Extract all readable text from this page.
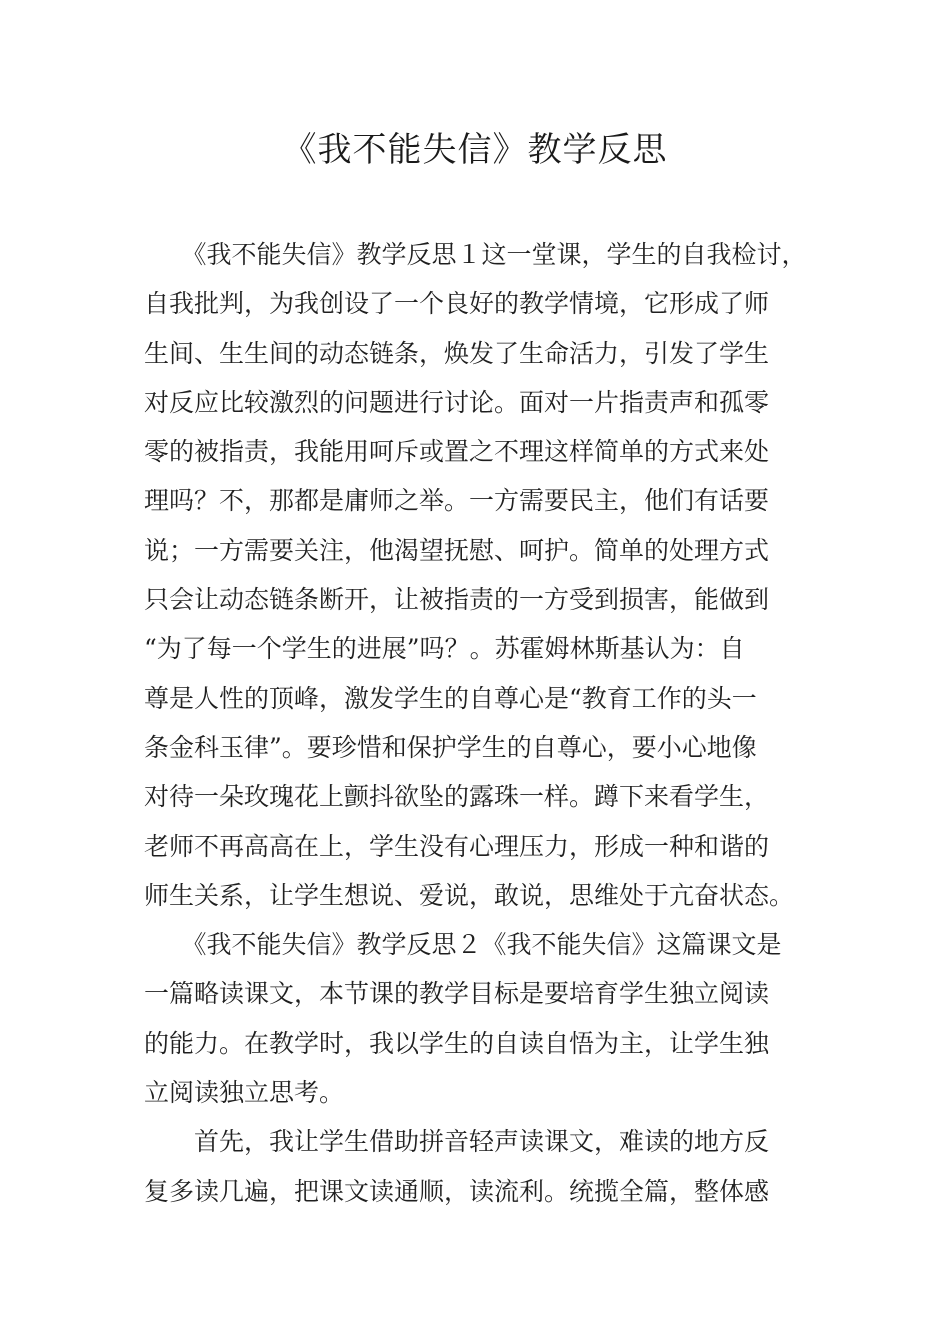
《我不能失信》教学反思
　　《我不能失信》教学反思１这一堂课，学生的自我检讨，
自我批判，为我创设了一个良好的教学情境，它形成了师
生间、生生间的动态链条，焕发了生命活力，引发了学生
对反应比较激烈的问题进行讨论。面对一片指责声和孤零
零的被指责，我能用呵斥或置之不理这样简单的方式来处
理吗？不，那都是庸师之举。一方需要民主，他们有话要
说；一方需要关注，他渴望抚慰、呵护。简单的处理方式
只会让动态链条断开，让被指责的一方受到损害，能做到
“为了每一个学生的进展”吗？。苏霍姆林斯基认为：自
尊是人性的顶峰，激发学生的自尊心是“教育工作的头一
条金科玉律”。要珍惜和保护学生的自尊心，要小心地像
对待一朵玫瑰花上颤抖欲坠的露珠一样。蹲下来看学生，
老师不再高高在上，学生没有心理压力，形成一种和谐的
师生关系，让学生想说、爱说，敢说，思维处于亢奋状态。
　　《我不能失信》教学反思２《我不能失信》这篇课文是
一篇略读课文，本节课的教学目标是要培育学生独立阅读
的能力。在教学时，我以学生的自读自悟为主，让学生独
立阅读独立思考。
　　首先，我让学生借助拼音轻声读课文，难读的地方反
复多读几遍，把课文读通顺，读流利。统揽全篇，整体感
